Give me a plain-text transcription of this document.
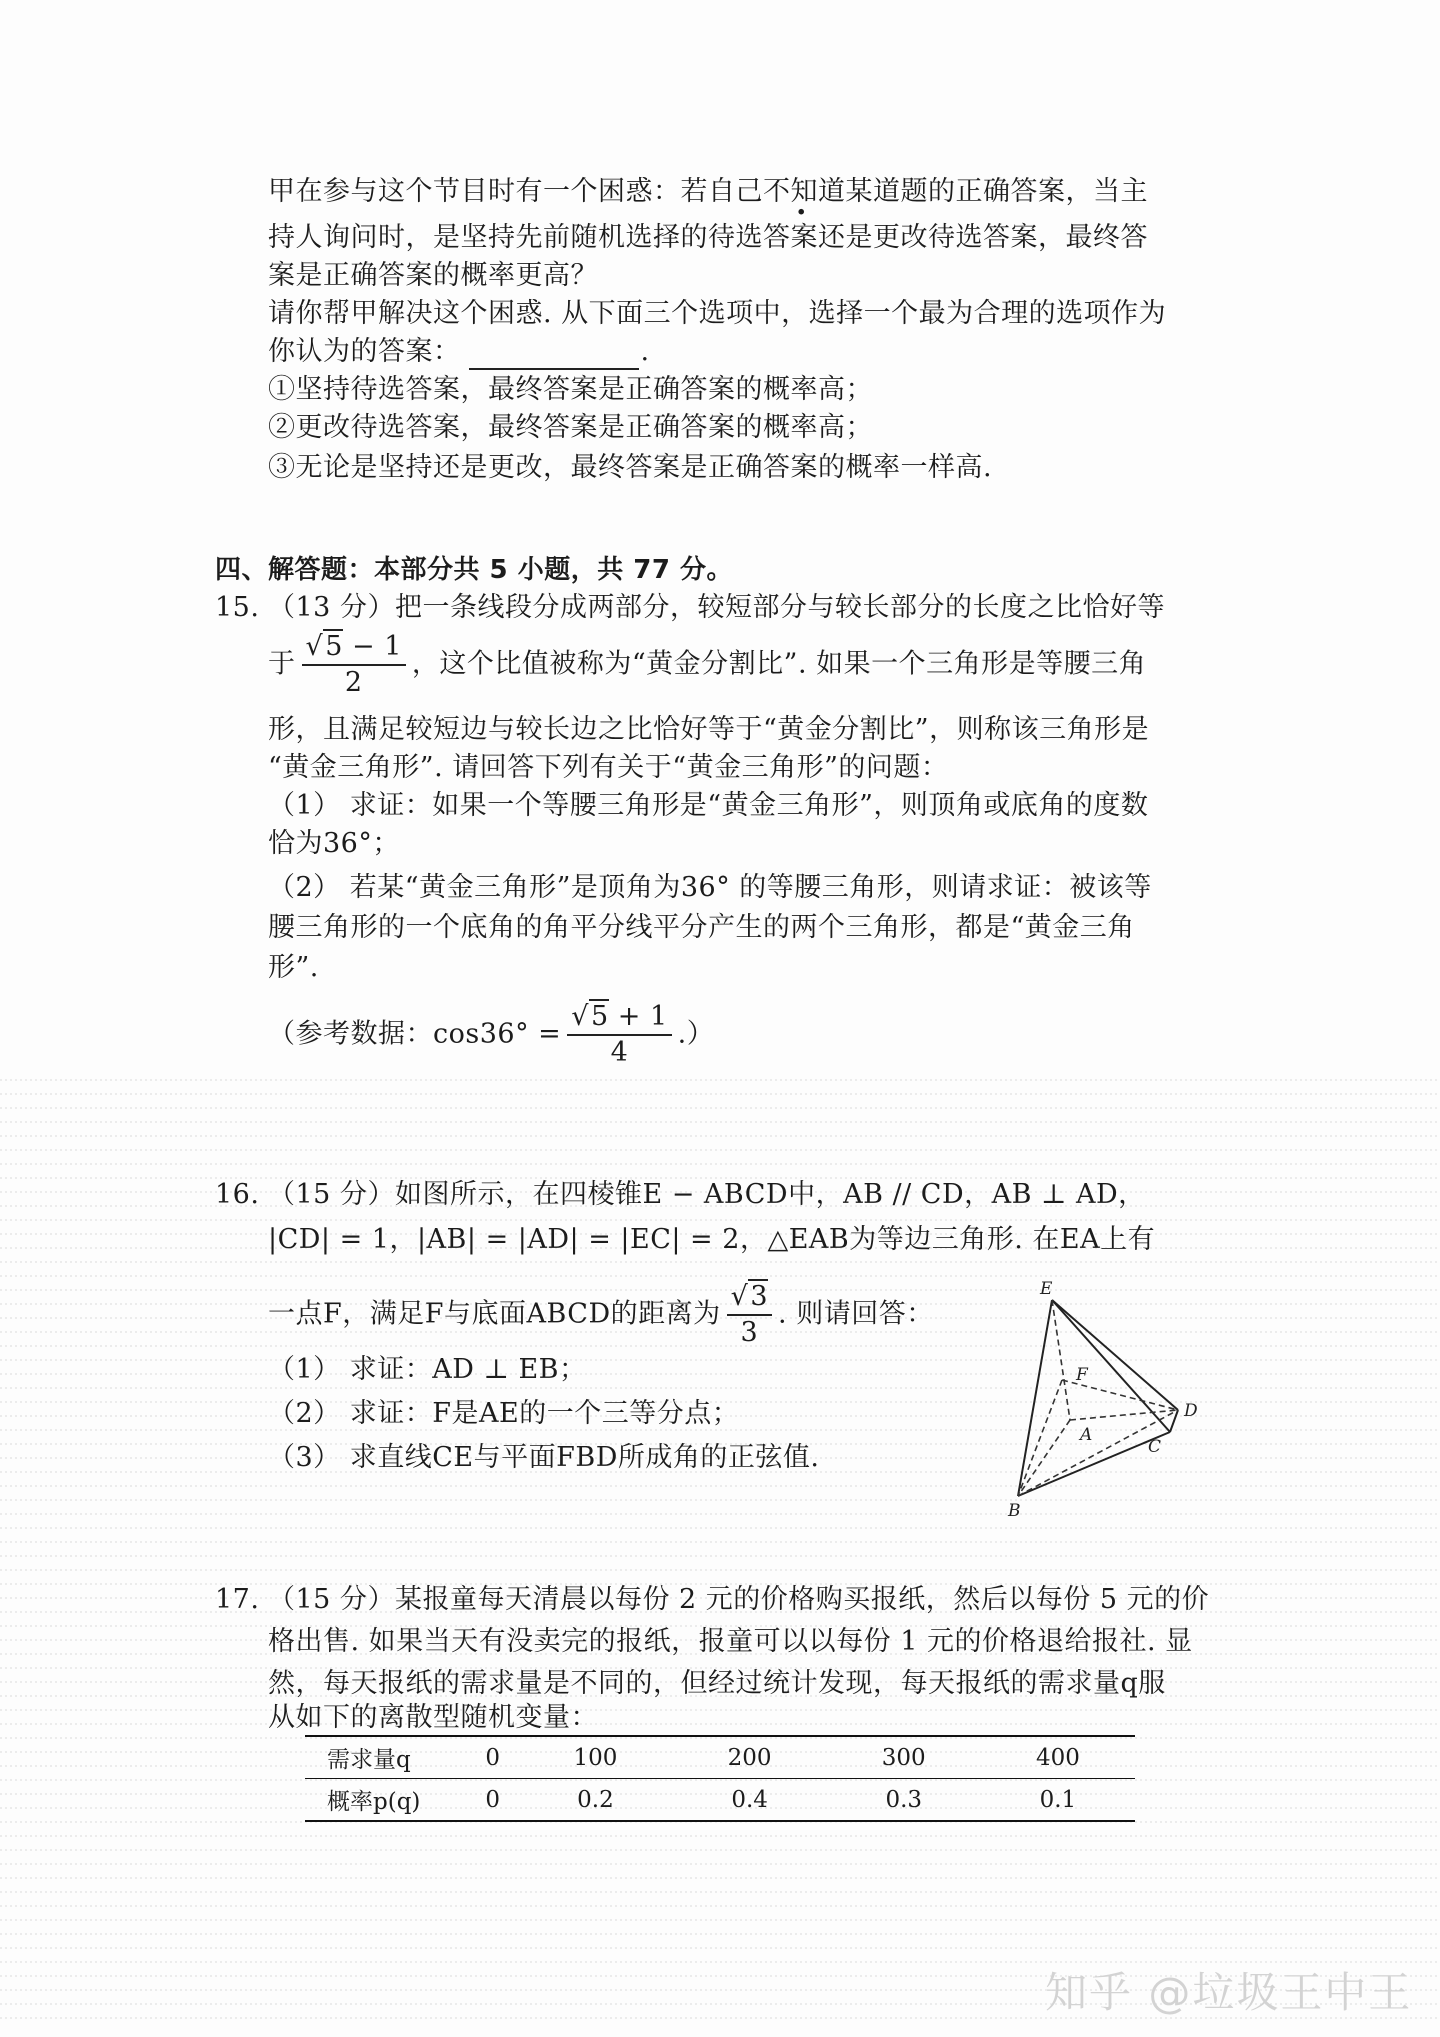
甲在参与这个节目时有一个困惑：若自己不知道某道题的正确答案，当主
持人询问时，是坚持先前随机选择的待选答案还是更改待选答案，最终答
案是正确答案的概率更高？
请你帮甲解决这个困惑. 从下面三个选项中，选择一个最为合理的选项作为
你认为的答案：	.
①坚持待选答案，最终答案是正确答案的概率高；
②更改待选答案，最终答案是正确答案的概率高；
③无论是坚持还是更改，最终答案是正确答案的概率一样高.
四、解答题：本部分共 5 小题，共 77 分。
15. （13 分）把一条线段分成两部分，较短部分与较长部分的长度之比恰好等
于 $\frac{√5 - 1}{2}$ ，这个比值被称为“黄金分割比”. 如果一个三角形是等腰三角
形，且满足较短边与较长边之比恰好等于“黄金分割比”，则称该三角形是
“黄金三角形”. 请回答下列有关于“黄金三角形”的问题：
（1） 求证：如果一个等腰三角形是“黄金三角形”，则顶角或底角的度数
恰为36°；
（2） 若某“黄金三角形”是顶角为36° 的等腰三角形，则请求证：被该等
腰三角形的一个底角的角平分线平分产生的两个三角形，都是“黄金三角
形”.
（参考数据：$\cos 36^\circ = \frac{√5 + 1}{4}$ .）
16. （15 分）如图所示，在四棱锥E − ABCD中，AB // CD，AB ⊥ AD，
|CD| = 1，|AB| = |AD| = |EC| = 2，△EAB为等边三角形. 在EA上有
一点F，满足F与底面ABCD的距离为 $\frac{√3}{3}$ . 则请回答：
（1） 求证：AD ⊥ EB；
（2） 求证：F是AE的一个三等分点；
（3） 求直线CE与平面FBD所成角的正弦值.
E
F
A
D
C
B
17. （15 分）某报童每天清晨以每份 2 元的价格购买报纸，然后以每份 5 元的价
格出售. 如果当天有没卖完的报纸，报童可以以每份 1 元的价格退给报社. 显
然，每天报纸的需求量是不同的，但经过统计发现，每天报纸的需求量q服
从如下的离散型随机变量：
需求量q	0	100	200	300	400
概率p(q)	0	0.2	0.4	0.3	0.1
知乎 @垃圾王中王
